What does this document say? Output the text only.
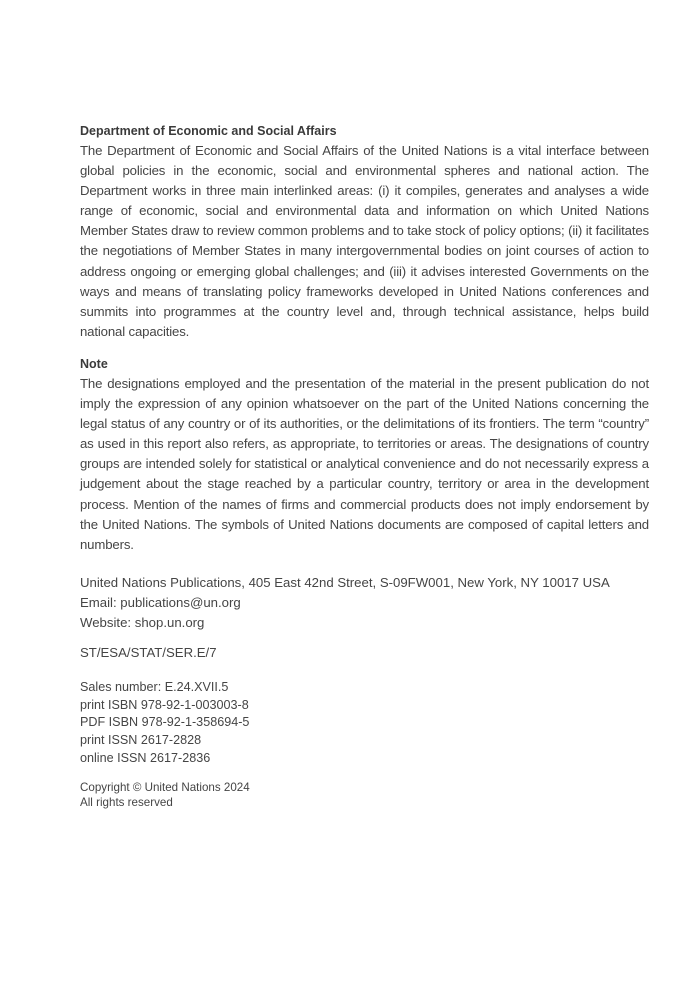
Department of Economic and Social Affairs

The Department of Economic and Social Affairs of the United Nations is a vital interface between global policies in the economic, social and environmental spheres and national action. The Department works in three main interlinked areas: (i) it compiles, generates and analyses a wide range of economic, social and environmental data and information on which United Nations Member States draw to review common problems and to take stock of policy options; (ii) it facilitates the negotiations of Member States in many intergovernmental bodies on joint courses of action to address ongoing or emerging global challenges; and (iii) it advises interested Governments on the ways and means of translating policy frameworks developed in United Nations conferences and summits into programmes at the country level and, through technical assistance, helps build national capacities.

Note

The designations employed and the presentation of the material in the present publication do not imply the expression of any opinion whatsoever on the part of the United Nations concerning the legal status of any country or of its authorities, or the delimitations of its frontiers. The term “country” as used in this report also refers, as appropriate, to territories or areas. The designations of country groups are intended solely for statistical or analytical convenience and do not necessarily express a judgement about the stage reached by a particular country, territory or area in the development process. Mention of the names of firms and commercial products does not imply endorsement by the United Nations. The symbols of United Nations documents are composed of capital letters and numbers.

United Nations Publications, 405 East 42nd Street, S-09FW001, New York, NY 10017 USA
Email: publications@un.org
Website: shop.un.org
ST/ESA/STAT/SER.E/7
Sales number: E.24.XVII.5
print ISBN 978-92-1-003003-8
PDF ISBN 978-92-1-358694-5
print ISSN 2617-2828
online ISSN 2617-2836
Copyright © United Nations 2024
All rights reserved
